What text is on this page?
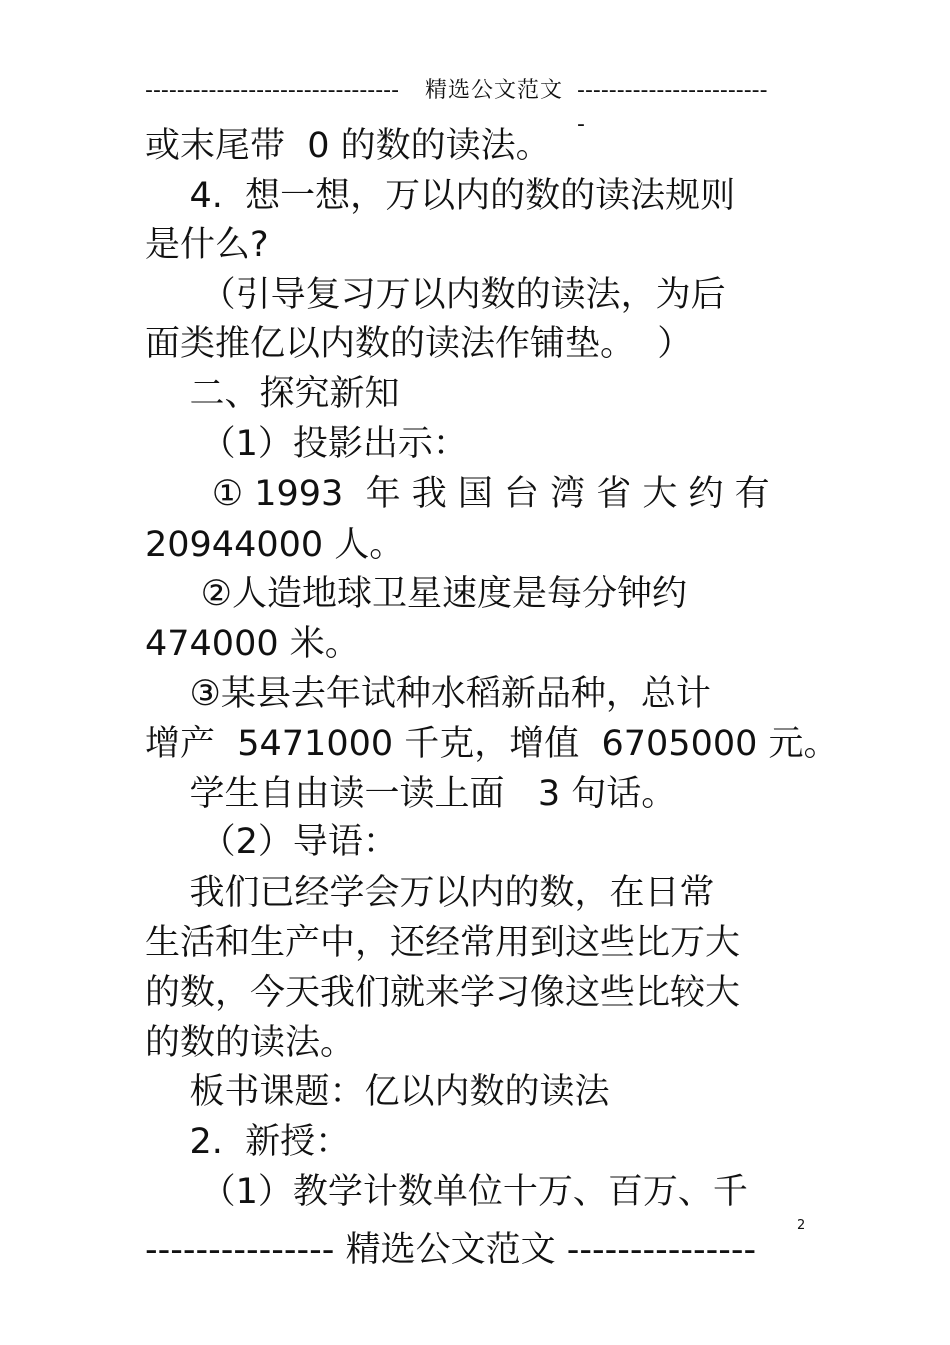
-------------------------------- 精选公文范文 -------------------------
或末尾带  0 的数的读法。
4.  想一想，万以内的数的读法规则
是什么?
（引导复习万以内数的读法，为后
面类推亿以内数的读法作铺垫。  ）
二、探究新知
（1）投影出示：
① 1993  年 我 国 台 湾 省 大 约 有
20944000 人。
②人造地球卫星速度是每分钟约
474000 米。
③某县去年试种水稻新品种，总计
增产  5471000 千克，增值  6705000 元。
学生自由读一读上面   3 句话。
（2）导语：
我们已经学会万以内的数，在日常
生活和生产中，还经常用到这些比万大
的数，今天我们就来学习像这些比较大
的数的读法。
板书课题：亿以内数的读法
2.  新授：
（1）教学计数单位十万、百万、千
2
--------------- 精选公文范文 ---------------
